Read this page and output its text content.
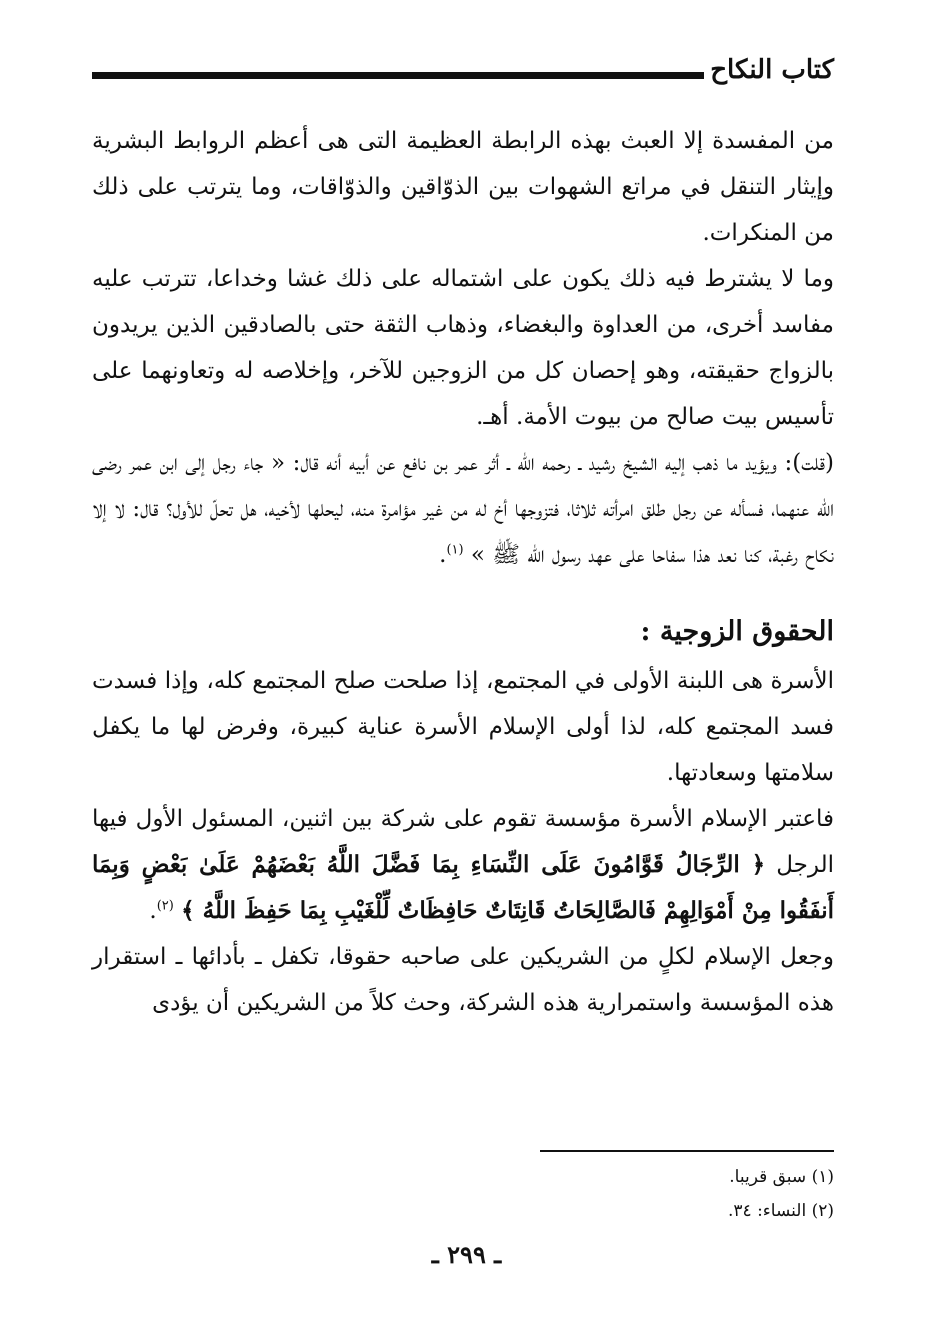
كتاب النكاح

من المفسدة إلا العبث بهذه الرابطة العظيمة التى هى أعظم الروابط البشرية وإيثار التنقل في مراتع الشهوات بين الذوّاقين والذوّاقات، وما يترتب على ذلك من المنكرات.

وما لا يشترط فيه ذلك يكون على اشتماله على ذلك غشا وخداعا، تترتب عليه مفاسد أخرى، من العداوة والبغضاء، وذهاب الثقة حتى بالصادقين الذين يريدون بالزواج حقيقته، وهو إحصان كل من الزوجين للآخر، وإخلاصه له وتعاونهما على تأسيس بيت صالح من بيوت الأمة. أهـ.

(قلت): ويؤيد ما ذهب إليه الشيخ رشيد ـ رحمه الله ـ أثر عمر بن نافع عن أبيه أنه قال: « جاء رجل إلى ابن عمر رضى الله عنهما، فسأله عن رجل طلق امرأته ثلاثا، فتزوجها أخ له من غير مؤامرة منه، ليحلها لأخيه، هل تحلّ للأول؟ قال: لا إلا نكاح رغبة، كنا نعد هذا سفاحا على عهد رسول الله ﷺ » $^{(١)}$.

الحقوق الزوجية :

الأسرة هى اللبنة الأولى في المجتمع، إذا صلحت صلح المجتمع كله، وإذا فسدت فسد المجتمع كله، لذا أولى الإسلام الأسرة عناية كبيرة، وفرض لها ما يكفل سلامتها وسعادتها.

فاعتبر الإسلام الأسرة مؤسسة تقوم على شركة بين اثنين، المسئول الأول فيها الرجل ﴿ الرِّجَالُ قَوَّامُونَ عَلَى النِّسَاءِ بِمَا فَضَّلَ اللَّهُ بَعْضَهُمْ عَلَىٰ بَعْضٍ وَبِمَا أَنفَقُوا مِنْ أَمْوَالِهِمْ فَالصَّالِحَاتُ قَانِتَاتٌ حَافِظَاتٌ لِّلْغَيْبِ بِمَا حَفِظَ اللَّهُ ﴾ $^{(٢)}$.

وجعل الإسلام لكلٍ من الشريكين على صاحبه حقوقا، تكفل ـ بأدائها ـ استقرار هذه المؤسسة واستمرارية هذه الشركة، وحث كلاً من الشريكين أن يؤدى

(١) سبق قريبا.

(٢) النساء: ٣٤.

ـ ٢٩٩ ـ
